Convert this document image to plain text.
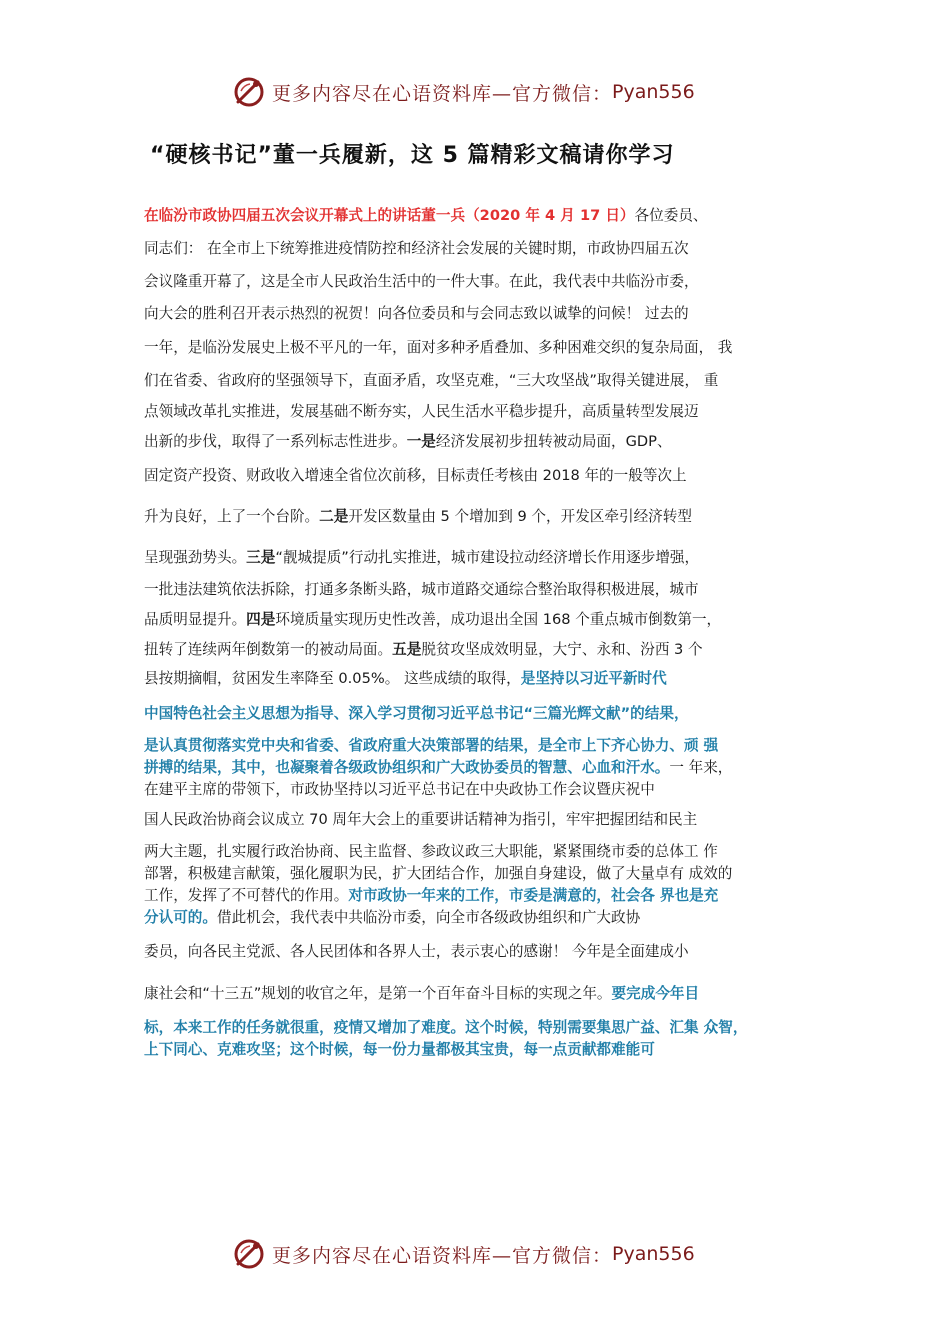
更多内容尽在心语资料库—官方微信： Pyan556
“硬核书记”董一兵履新，这 5 篇精彩文稿请你学习

在临汾市政协四届五次会议开幕式上的讲话董一兵（2020 年 4 月 17 日）各位委员、

同志们： 在全市上下统筹推进疫情防控和经济社会发展的关键时期，市政协四届五次

会议隆重开幕了，这是全市人民政治生活中的一件大事。在此，我代表中共临汾市委，

向大会的胜利召开表示热烈的祝贺！向各位委员和与会同志致以诚挚的问候！ 过去的

一年，是临汾发展史上极不平凡的一年，面对多种矛盾叠加、多种困难交织的复杂局面， 我

们在省委、省政府的坚强领导下，直面矛盾，攻坚克难，“三大攻坚战”取得关键进展， 重

点领域改革扎实推进，发展基础不断夯实，人民生活水平稳步提升，高质量转型发展迈

出新的步伐，取得了一系列标志性进步。一是经济发展初步扭转被动局面，GDP、

固定资产投资、财政收入增速全省位次前移，目标责任考核由 2018 年的一般等次上

升为良好，上了一个台阶。二是开发区数量由 5 个增加到 9 个，开发区牵引经济转型

呈现强劲势头。三是“靓城提质”行动扎实推进，城市建设拉动经济增长作用逐步增强，

一批违法建筑依法拆除，打通多条断头路，城市道路交通综合整治取得积极进展，城市

品质明显提升。四是环境质量实现历史性改善，成功退出全国 168 个重点城市倒数第一，

扭转了连续两年倒数第一的被动局面。五是脱贫攻坚成效明显，大宁、永和、汾西 3 个

县按期摘帽，贫困发生率降至 0.05%。 这些成绩的取得，是坚持以习近平新时代

中国特色社会主义思想为指导、深入学习贯彻习近平总书记“三篇光辉文献”的结果，

是认真贯彻落实党中央和省委、省政府重大决策部署的结果，是全市上下齐心协力、顽 强

拼搏的结果，其中，也凝聚着各级政协组织和广大政协委员的智慧、心血和汗水。一 年来，

在建平主席的带领下，市政协坚持以习近平总书记在中央政协工作会议暨庆祝中

国人民政治协商会议成立 70 周年大会上的重要讲话精神为指引，牢牢把握团结和民主

两大主题，扎实履行政治协商、民主监督、参政议政三大职能，紧紧围绕市委的总体工 作

部署，积极建言献策，强化履职为民，扩大团结合作，加强自身建设，做了大量卓有 成效的

工作，发挥了不可替代的作用。对市政协一年来的工作，市委是满意的，社会各 界也是充

分认可的。借此机会，我代表中共临汾市委，向全市各级政协组织和广大政协

委员，向各民主党派、各人民团体和各界人士，表示衷心的感谢！ 今年是全面建成小

康社会和“十三五”规划的收官之年，是第一个百年奋斗目标的实现之年。要完成今年目

标，本来工作的任务就很重，疫情又增加了难度。这个时候，特别需要集思广益、汇集 众智，

上下同心、克难攻坚；这个时候，每一份力量都极其宝贵，每一点贡献都难能可

更多内容尽在心语资料库—官方微信： Pyan556
